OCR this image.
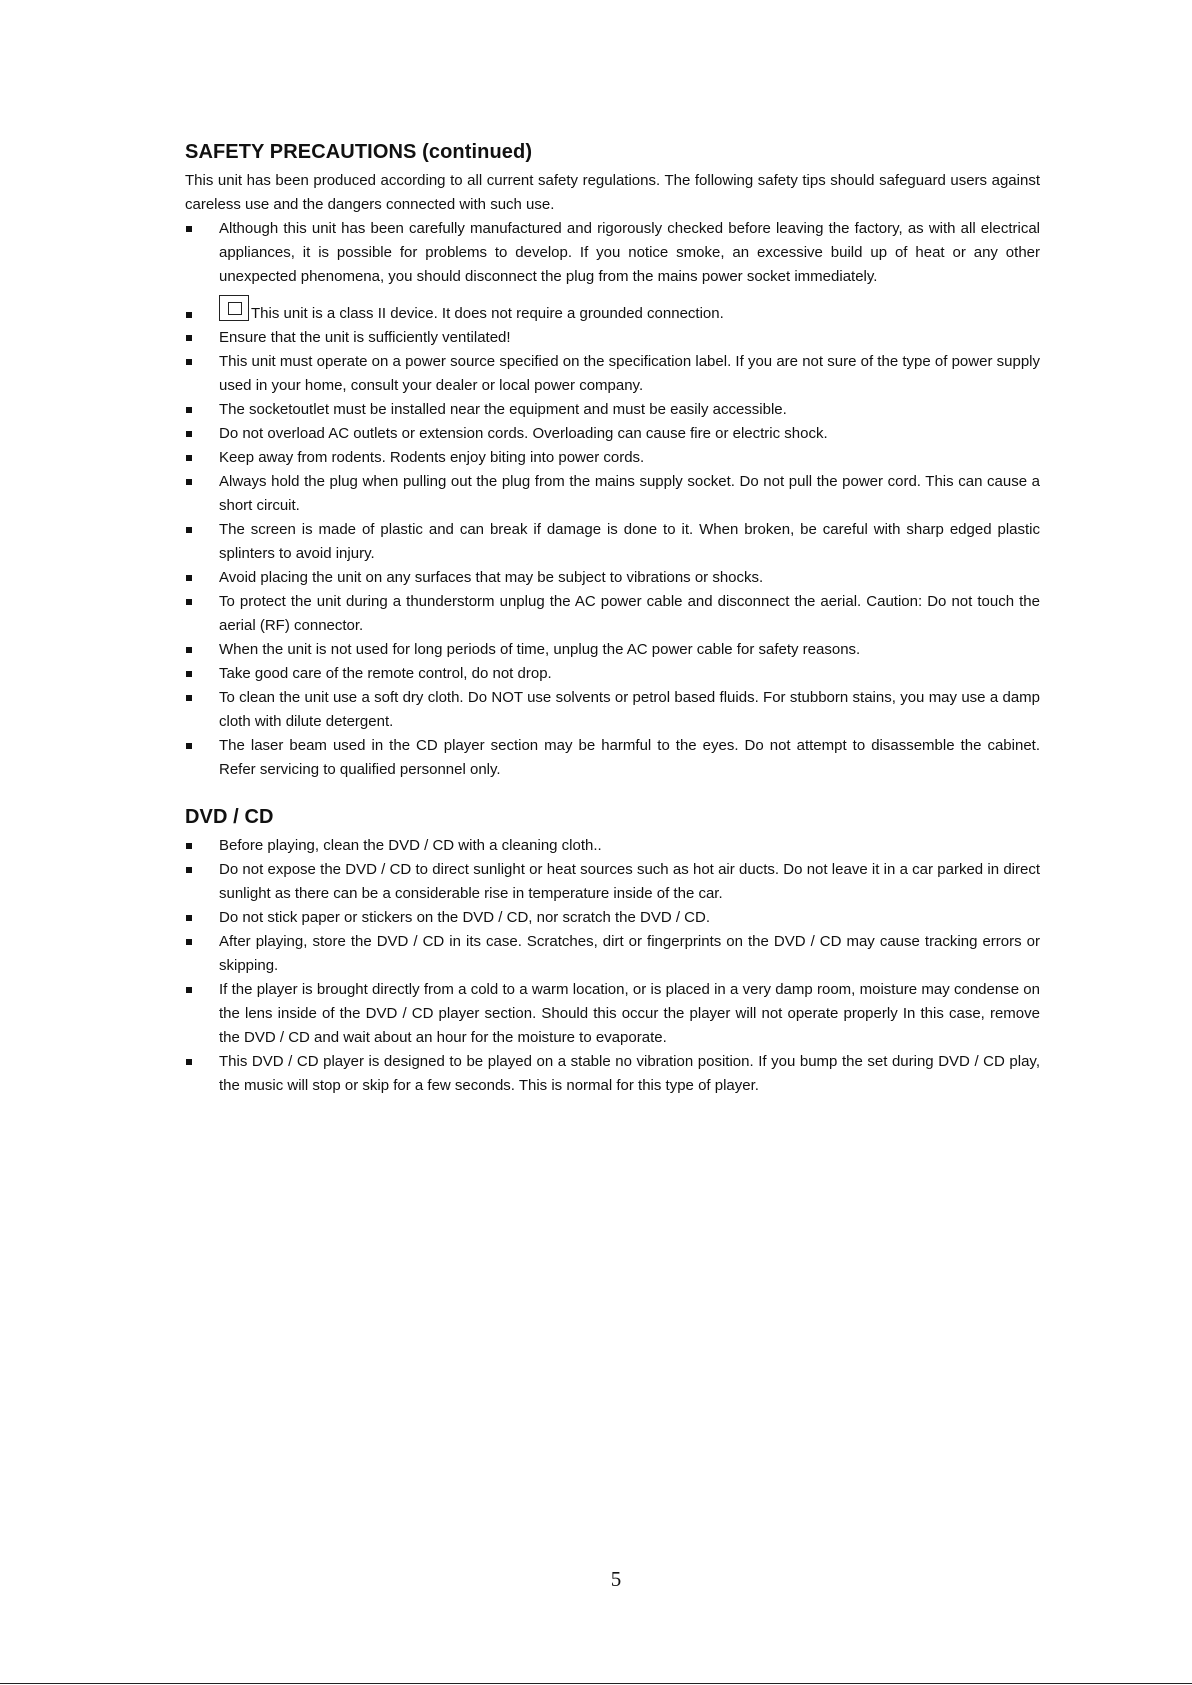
SAFETY PRECAUTIONS (continued)

This unit has been produced according to all current safety regulations. The following safety tips should safeguard users against careless use and the dangers connected with such use.

Although this unit has been carefully manufactured and rigorously checked before leaving the factory, as with all electrical appliances, it is possible for problems to develop. If you notice smoke, an excessive build up of heat or any other unexpected phenomena, you should disconnect the plug from the mains power socket immediately.
This unit is a class II device. It does not require a grounded connection.
Ensure that the unit is sufficiently ventilated!
This unit must operate on a power source specified on the specification label. If you are not sure of the type of power supply used in your home, consult your dealer or local power company.
The socketoutlet must be installed near the equipment and must be easily accessible.
Do not overload AC outlets or extension cords. Overloading can cause fire or electric shock.
Keep away from rodents. Rodents enjoy biting into power cords.
Always hold the plug when pulling out the plug from the mains supply socket. Do not pull the power cord. This can cause a short circuit.
The screen is made of plastic and can break if damage is done to it. When broken, be careful with sharp edged plastic splinters to avoid injury.
Avoid placing the unit on any surfaces that may be subject to vibrations or shocks.
To protect the unit during a thunderstorm unplug the AC power cable and disconnect the aerial. Caution: Do not touch the aerial (RF) connector.
When the unit is not used for long periods of time, unplug the AC power cable for safety reasons.
Take good care of the remote control, do not drop.
To clean the unit use a soft dry cloth. Do NOT use solvents or petrol based fluids. For stubborn stains, you may use a damp cloth with dilute detergent.
The laser beam used in the CD player section may be harmful to the eyes. Do not attempt to disassemble the cabinet. Refer servicing to qualified personnel only.
DVD / CD
Before playing, clean the DVD / CD with a cleaning cloth..
Do not expose the DVD / CD to direct sunlight or heat sources such as hot air ducts. Do not leave it in a car parked in direct sunlight as there can be a considerable rise in temperature inside of the car.
Do not stick paper or stickers on the DVD / CD, nor scratch the DVD / CD.
After playing, store the DVD / CD in its case. Scratches, dirt or fingerprints on the DVD / CD may cause tracking errors or skipping.
If the player is brought directly from a cold to a warm location, or is placed in a very damp room, moisture may condense on the lens inside of the DVD / CD player section. Should this occur the player will not operate properly In this case, remove the DVD / CD and wait about an hour for the moisture to evaporate.
This DVD / CD player is designed to be played on a stable no vibration position. If you bump the set during DVD / CD play, the music will stop or skip for a few seconds. This is normal for this type of player.
5
